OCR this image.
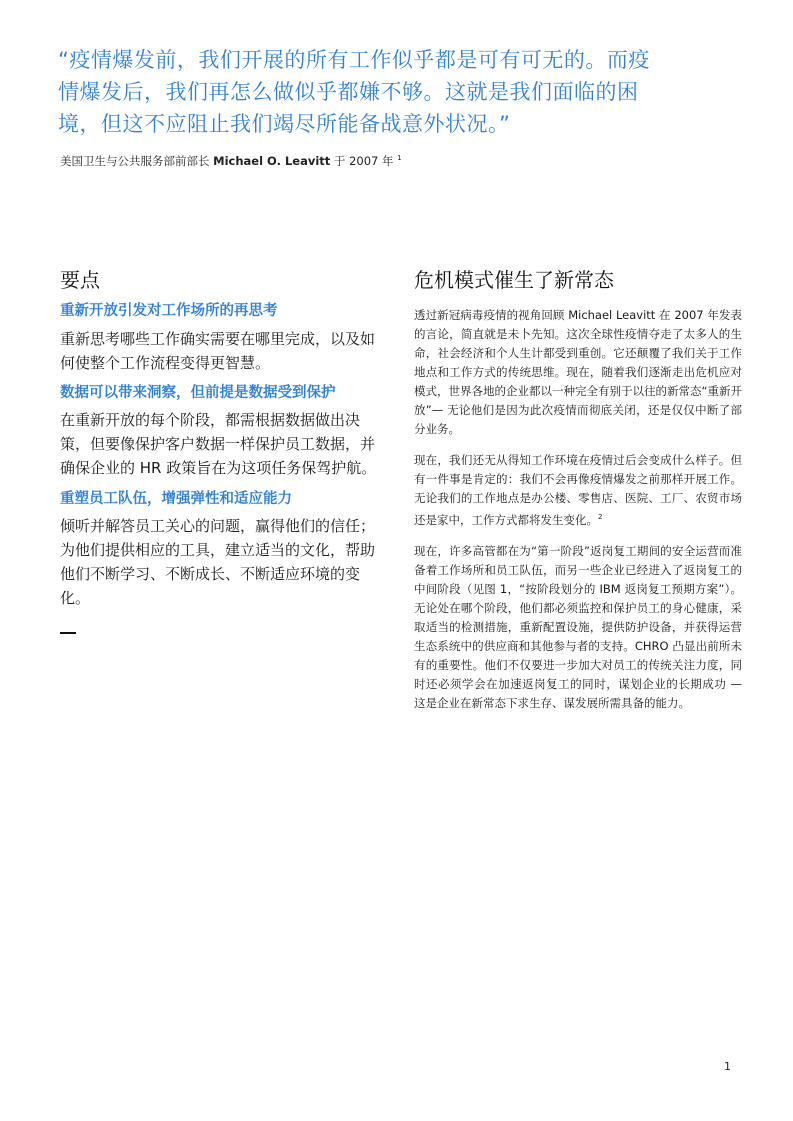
“疫情爆发前，我们开展的所有工作似乎都是可有可无的。而疫情爆发后，我们再怎么做似乎都嫌不够。这就是我们面临的困境，但这不应阻止我们竭尽所能备战意外状况。”

美国卫生与公共服务部前部长 Michael O. Leavitt 于 2007 年 $^1$
要点

重新开放引发对工作场所的再思考

重新思考哪些工作确实需要在哪里完成，以及如何使整个工作流程变得更智慧。

数据可以带来洞察，但前提是数据受到保护

在重新开放的每个阶段，都需根据数据做出决策，但要像保护客户数据一样保护员工数据，并确保企业的 HR 政策旨在为这项任务保驾护航。

重塑员工队伍，增强弹性和适应能力

倾听并解答员工关心的问题，赢得他们的信任；为他们提供相应的工具，建立适当的文化，帮助他们不断学习、不断成长、不断适应环境的变化。

危机模式催生了新常态

透过新冠病毒疫情的视角回顾 Michael Leavitt 在 2007 年发表的言论，简直就是未卜先知。这次全球性疫情夺走了太多人的生命，社会经济和个人生计都受到重创。它还颠覆了我们关于工作地点和工作方式的传统思维。现在，随着我们逐渐走出危机应对模式，世界各地的企业都以一种完全有别于以往的新常态“重新开放”— 无论他们是因为此次疫情而彻底关闭，还是仅仅中断了部分业务。

现在，我们还无从得知工作环境在疫情过后会变成什么样子。但有一件事是肯定的：我们不会再像疫情爆发之前那样开展工作。无论我们的工作地点是办公楼、零售店、医院、工厂、农贸市场还是家中，工作方式都将发生变化。$^2$

现在，许多高管都在为“第一阶段”返岗复工期间的安全运营而准备着工作场所和员工队伍，而另一些企业已经进入了返岗复工的中间阶段（见图 1，“按阶段划分的 IBM 返岗复工预期方案”）。无论处在哪个阶段，他们都必须监控和保护员工的身心健康，采取适当的检测措施，重新配置设施，提供防护设备，并获得运营生态系统中的供应商和其他参与者的支持。CHRO 凸显出前所未有的重要性。他们不仅要进一步加大对员工的传统关注力度，同时还必须学会在加速返岗复工的同时，谋划企业的长期成功 — 这是企业在新常态下求生存、谋发展所需具备的能力。

1
